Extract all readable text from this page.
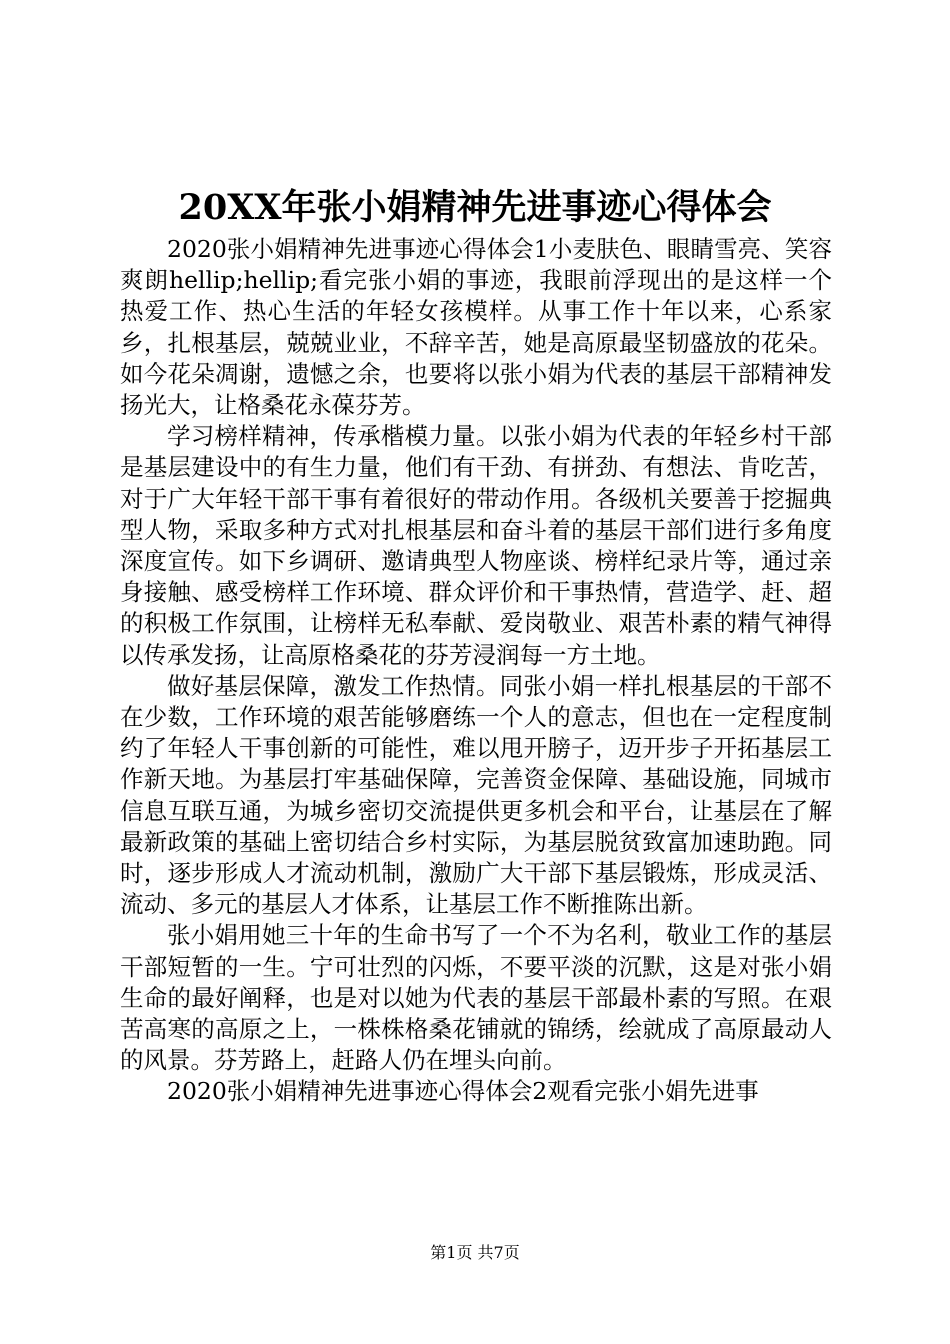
20XX年张小娟精神先进事迹心得体会

2020张小娟精神先进事迹心得体会1小麦肤色、眼睛雪亮、笑容爽朗hellip;hellip;看完张小娟的事迹，我眼前浮现出的是这样一个热爱工作、热心生活的年轻女孩模样。从事工作十年以来，心系家乡，扎根基层，兢兢业业，不辞辛苦，她是高原最坚韧盛放的花朵。如今花朵凋谢，遗憾之余，也要将以张小娟为代表的基层干部精神发扬光大，让格桑花永葆芬芳。

学习榜样精神，传承楷模力量。以张小娟为代表的年轻乡村干部是基层建设中的有生力量，他们有干劲、有拼劲、有想法、肯吃苦，对于广大年轻干部干事有着很好的带动作用。各级机关要善于挖掘典型人物，采取多种方式对扎根基层和奋斗着的基层干部们进行多角度深度宣传。如下乡调研、邀请典型人物座谈、榜样纪录片等，通过亲身接触、感受榜样工作环境、群众评价和干事热情，营造学、赶、超的积极工作氛围，让榜样无私奉献、爱岗敬业、艰苦朴素的精气神得以传承发扬，让高原格桑花的芬芳浸润每一方土地。

做好基层保障，激发工作热情。同张小娟一样扎根基层的干部不在少数，工作环境的艰苦能够磨练一个人的意志，但也在一定程度制约了年轻人干事创新的可能性，难以甩开膀子，迈开步子开拓基层工作新天地。为基层打牢基础保障，完善资金保障、基础设施，同城市信息互联互通，为城乡密切交流提供更多机会和平台，让基层在了解最新政策的基础上密切结合乡村实际，为基层脱贫致富加速助跑。同时，逐步形成人才流动机制，激励广大干部下基层锻炼，形成灵活、流动、多元的基层人才体系，让基层工作不断推陈出新。

张小娟用她三十年的生命书写了一个不为名利，敬业工作的基层干部短暂的一生。宁可壮烈的闪烁，不要平淡的沉默，这是对张小娟生命的最好阐释，也是对以她为代表的基层干部最朴素的写照。在艰苦高寒的高原之上，一株株格桑花铺就的锦绣，绘就成了高原最动人的风景。芬芳路上，赶路人仍在埋头向前。

2020张小娟精神先进事迹心得体会2观看完张小娟先进事

第1页 共7页
